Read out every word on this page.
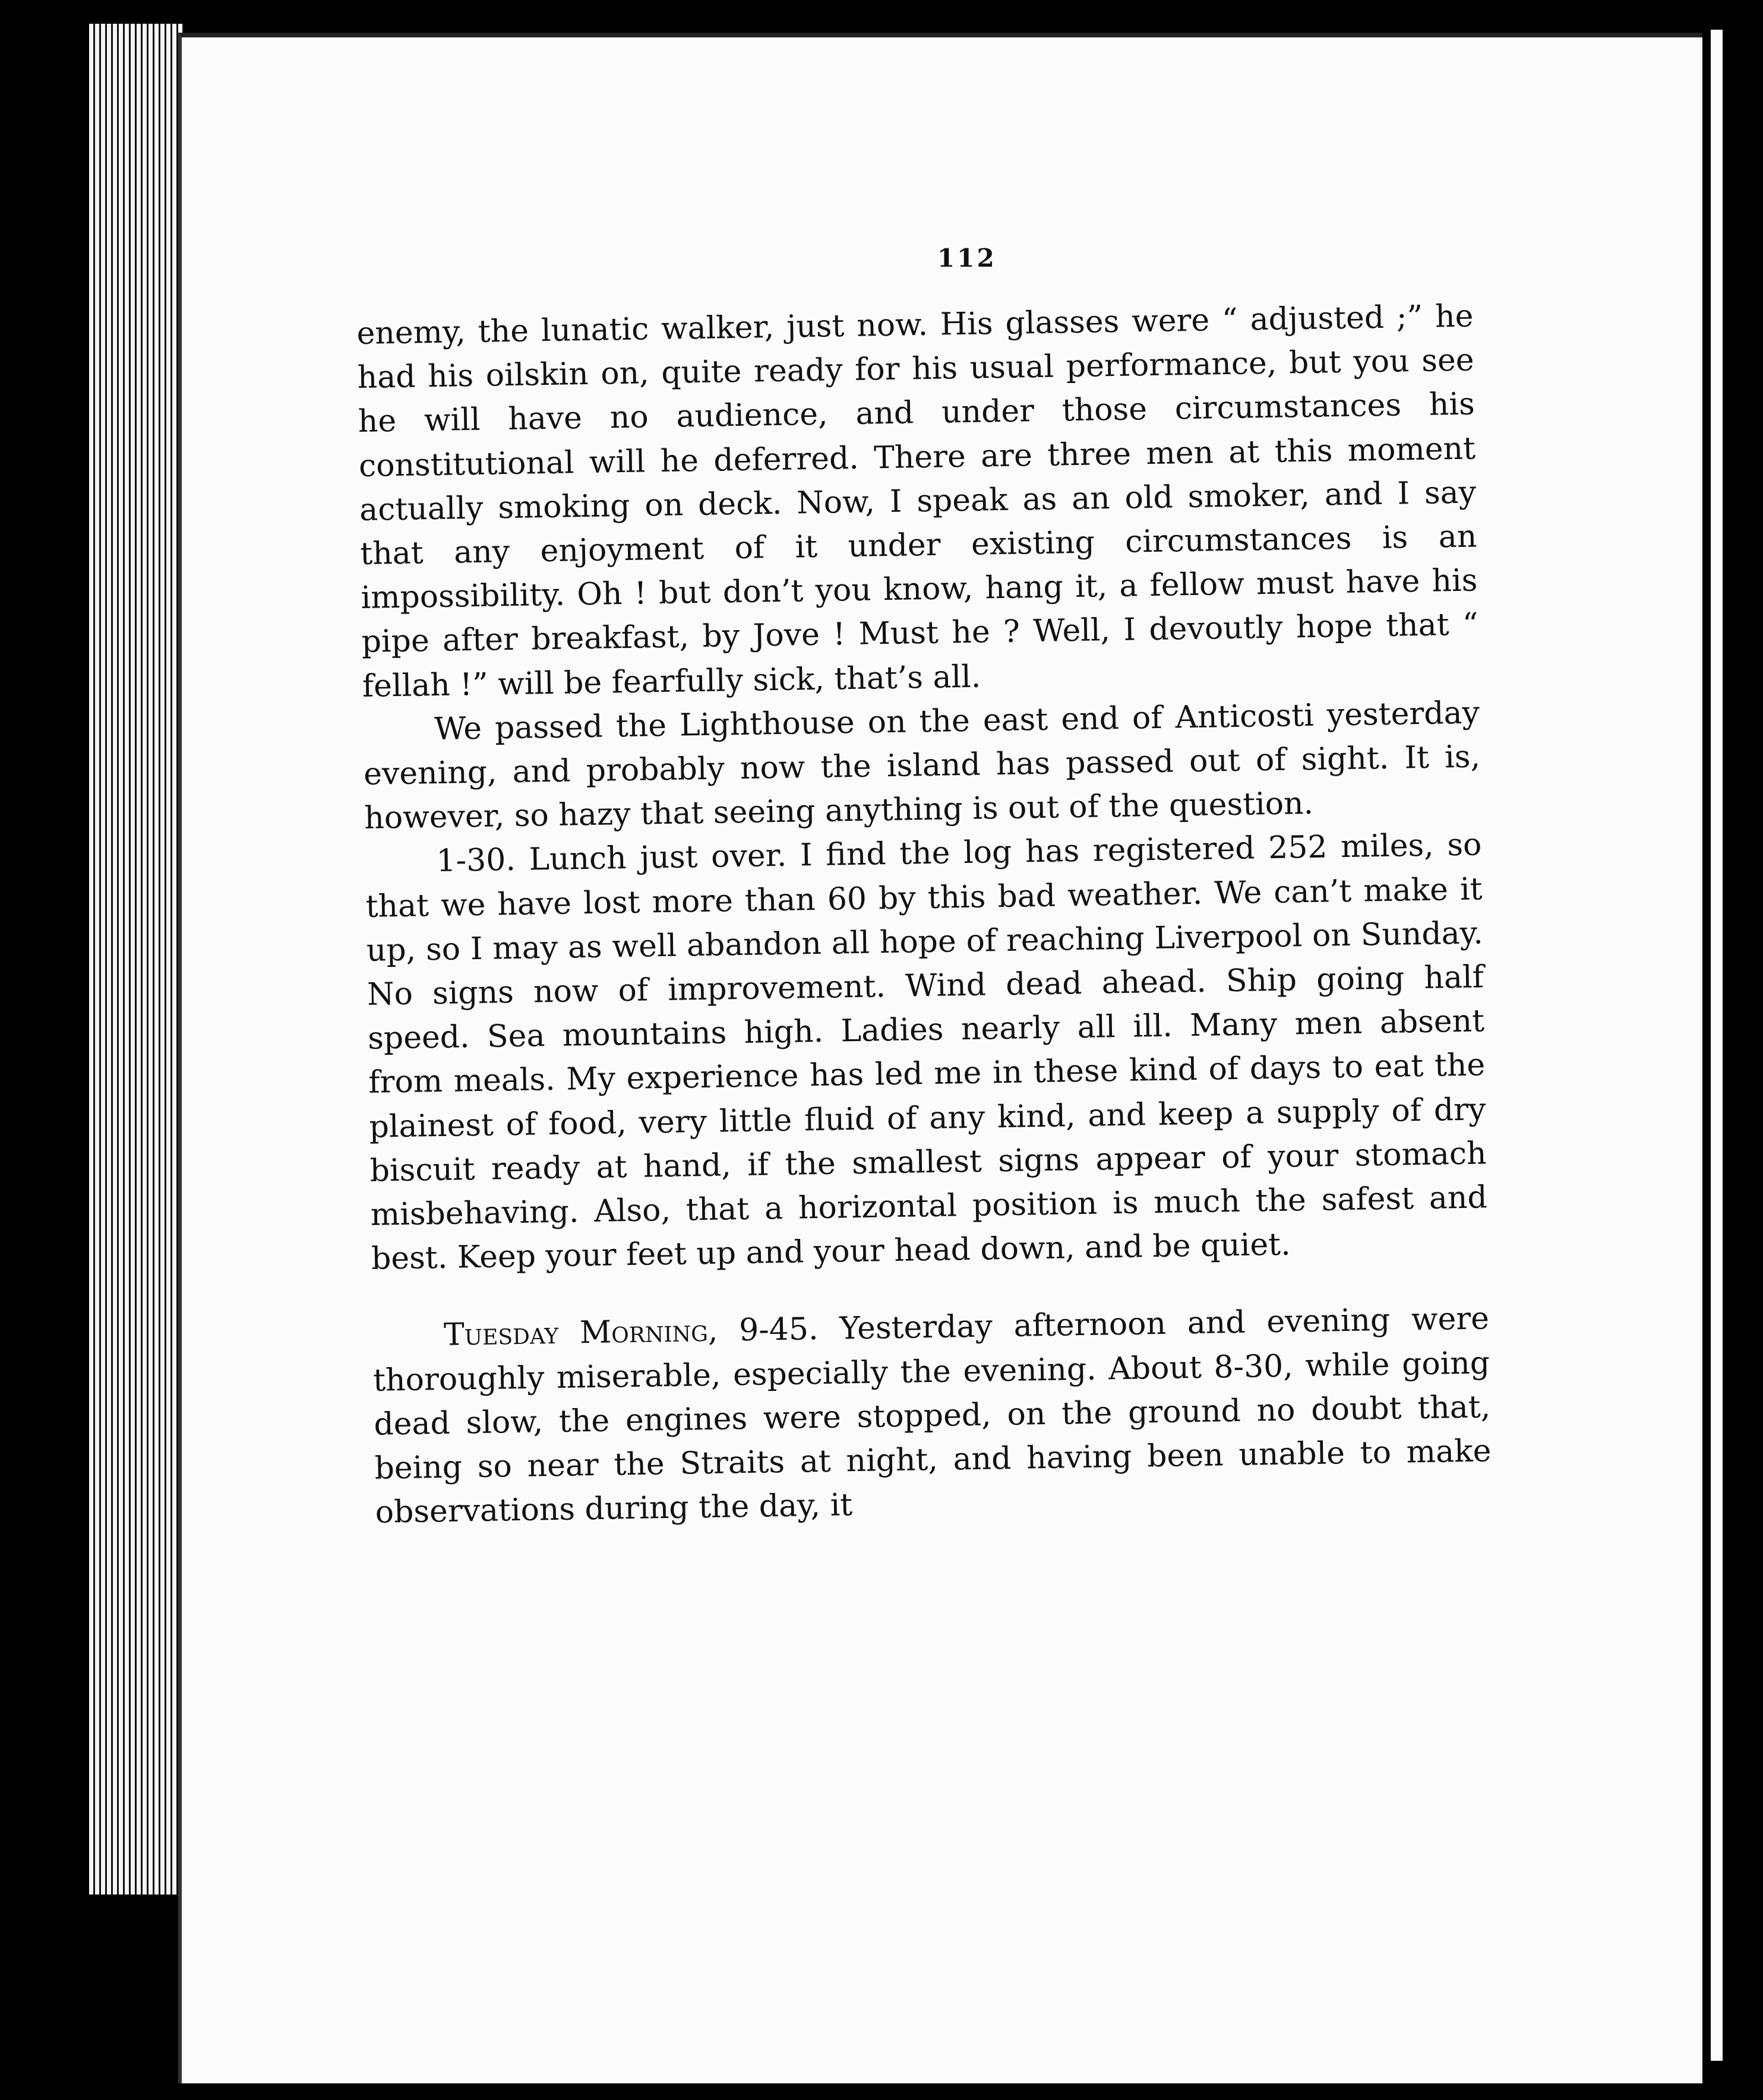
112

enemy, the lunatic walker, just now. His glasses were “ adjusted ;” he had his oilskin on, quite ready for his usual performance, but you see he will have no audience, and under those circumstances his constitutional will he deferred. There are three men at this moment actually smoking on deck. Now, I speak as an old smoker, and I say that any enjoyment of it under existing circumstances is an impossibility. Oh ! but don’t you know, hang it, a fellow must have his pipe after breakfast, by Jove ! Must he ? Well, I devoutly hope that “ fellah !” will be fearfully sick, that’s all.

We passed the Lighthouse on the east end of Anticosti yesterday evening, and probably now the island has passed out of sight. It is, however, so hazy that seeing anything is out of the question.

1-30. Lunch just over. I find the log has registered 252 miles, so that we have lost more than 60 by this bad weather. We can’t make it up, so I may as well abandon all hope of reaching Liverpool on Sunday. No signs now of improvement. Wind dead ahead. Ship going half speed. Sea mountains high. Ladies nearly all ill. Many men absent from meals. My experience has led me in these kind of days to eat the plainest of food, very little fluid of any kind, and keep a supply of dry biscuit ready at hand, if the smallest signs appear of your stomach misbehaving. Also, that a horizontal position is much the safest and best. Keep your feet up and your head down, and be quiet.

Tuesday Morning, 9-45. Yesterday afternoon and evening were thoroughly miserable, especially the evening. About 8-30, while going dead slow, the engines were stopped, on the ground no doubt that, being so near the Straits at night, and having been unable to make observations during the day, it
